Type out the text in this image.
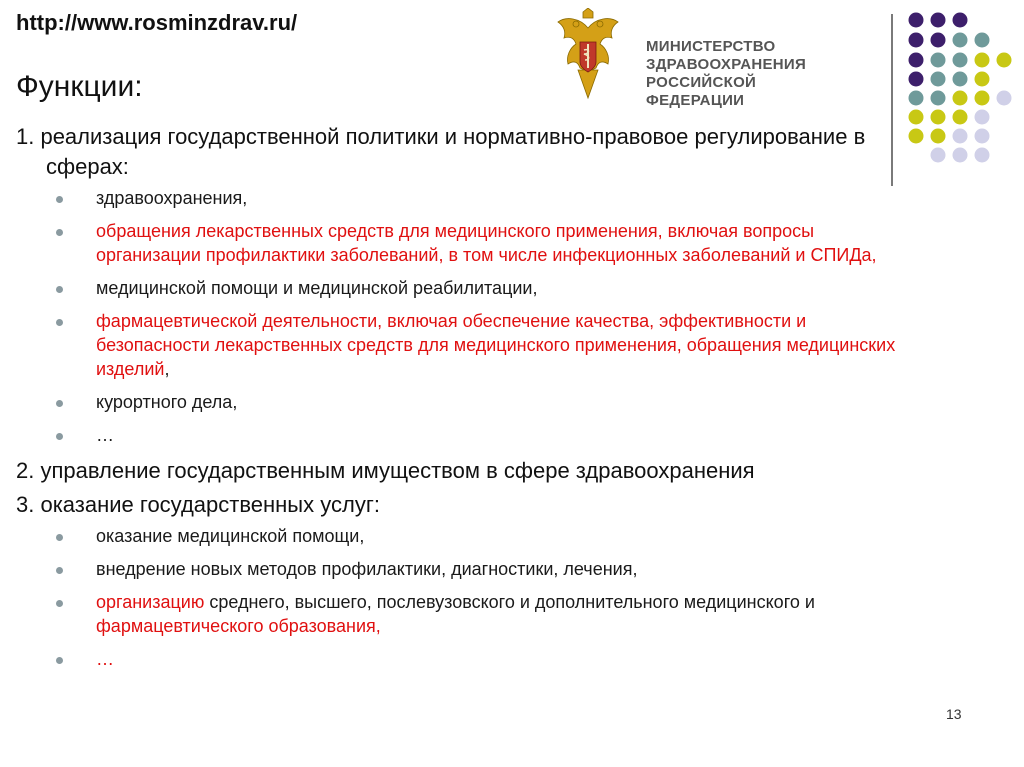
http://www.rosminzdrav.ru/
МИНИСТЕРСТВО
ЗДРАВООХРАНЕНИЯ
РОССИЙСКОЙ ФЕДЕРАЦИИ
Функции:
1. реализация государственной политики и нормативно-правовое регулирование в сферах:
здравоохранения,
обращения лекарственных средств для медицинского применения, включая вопросы организации профилактики заболеваний, в том числе инфекционных заболеваний и СПИДа,
медицинской помощи и медицинской реабилитации,
фармацевтической деятельности, включая обеспечение качества, эффективности и безопасности лекарственных средств для медицинского применения, обращения медицинских изделий,
курортного дела,
…
2. управление государственным имуществом в сфере здравоохранения
3. оказание государственных услуг:
оказание медицинской помощи,
внедрение новых методов профилактики, диагностики, лечения,
организацию среднего, высшего, послевузовского и дополнительного медицинского и фармацевтического образования,
…
13
